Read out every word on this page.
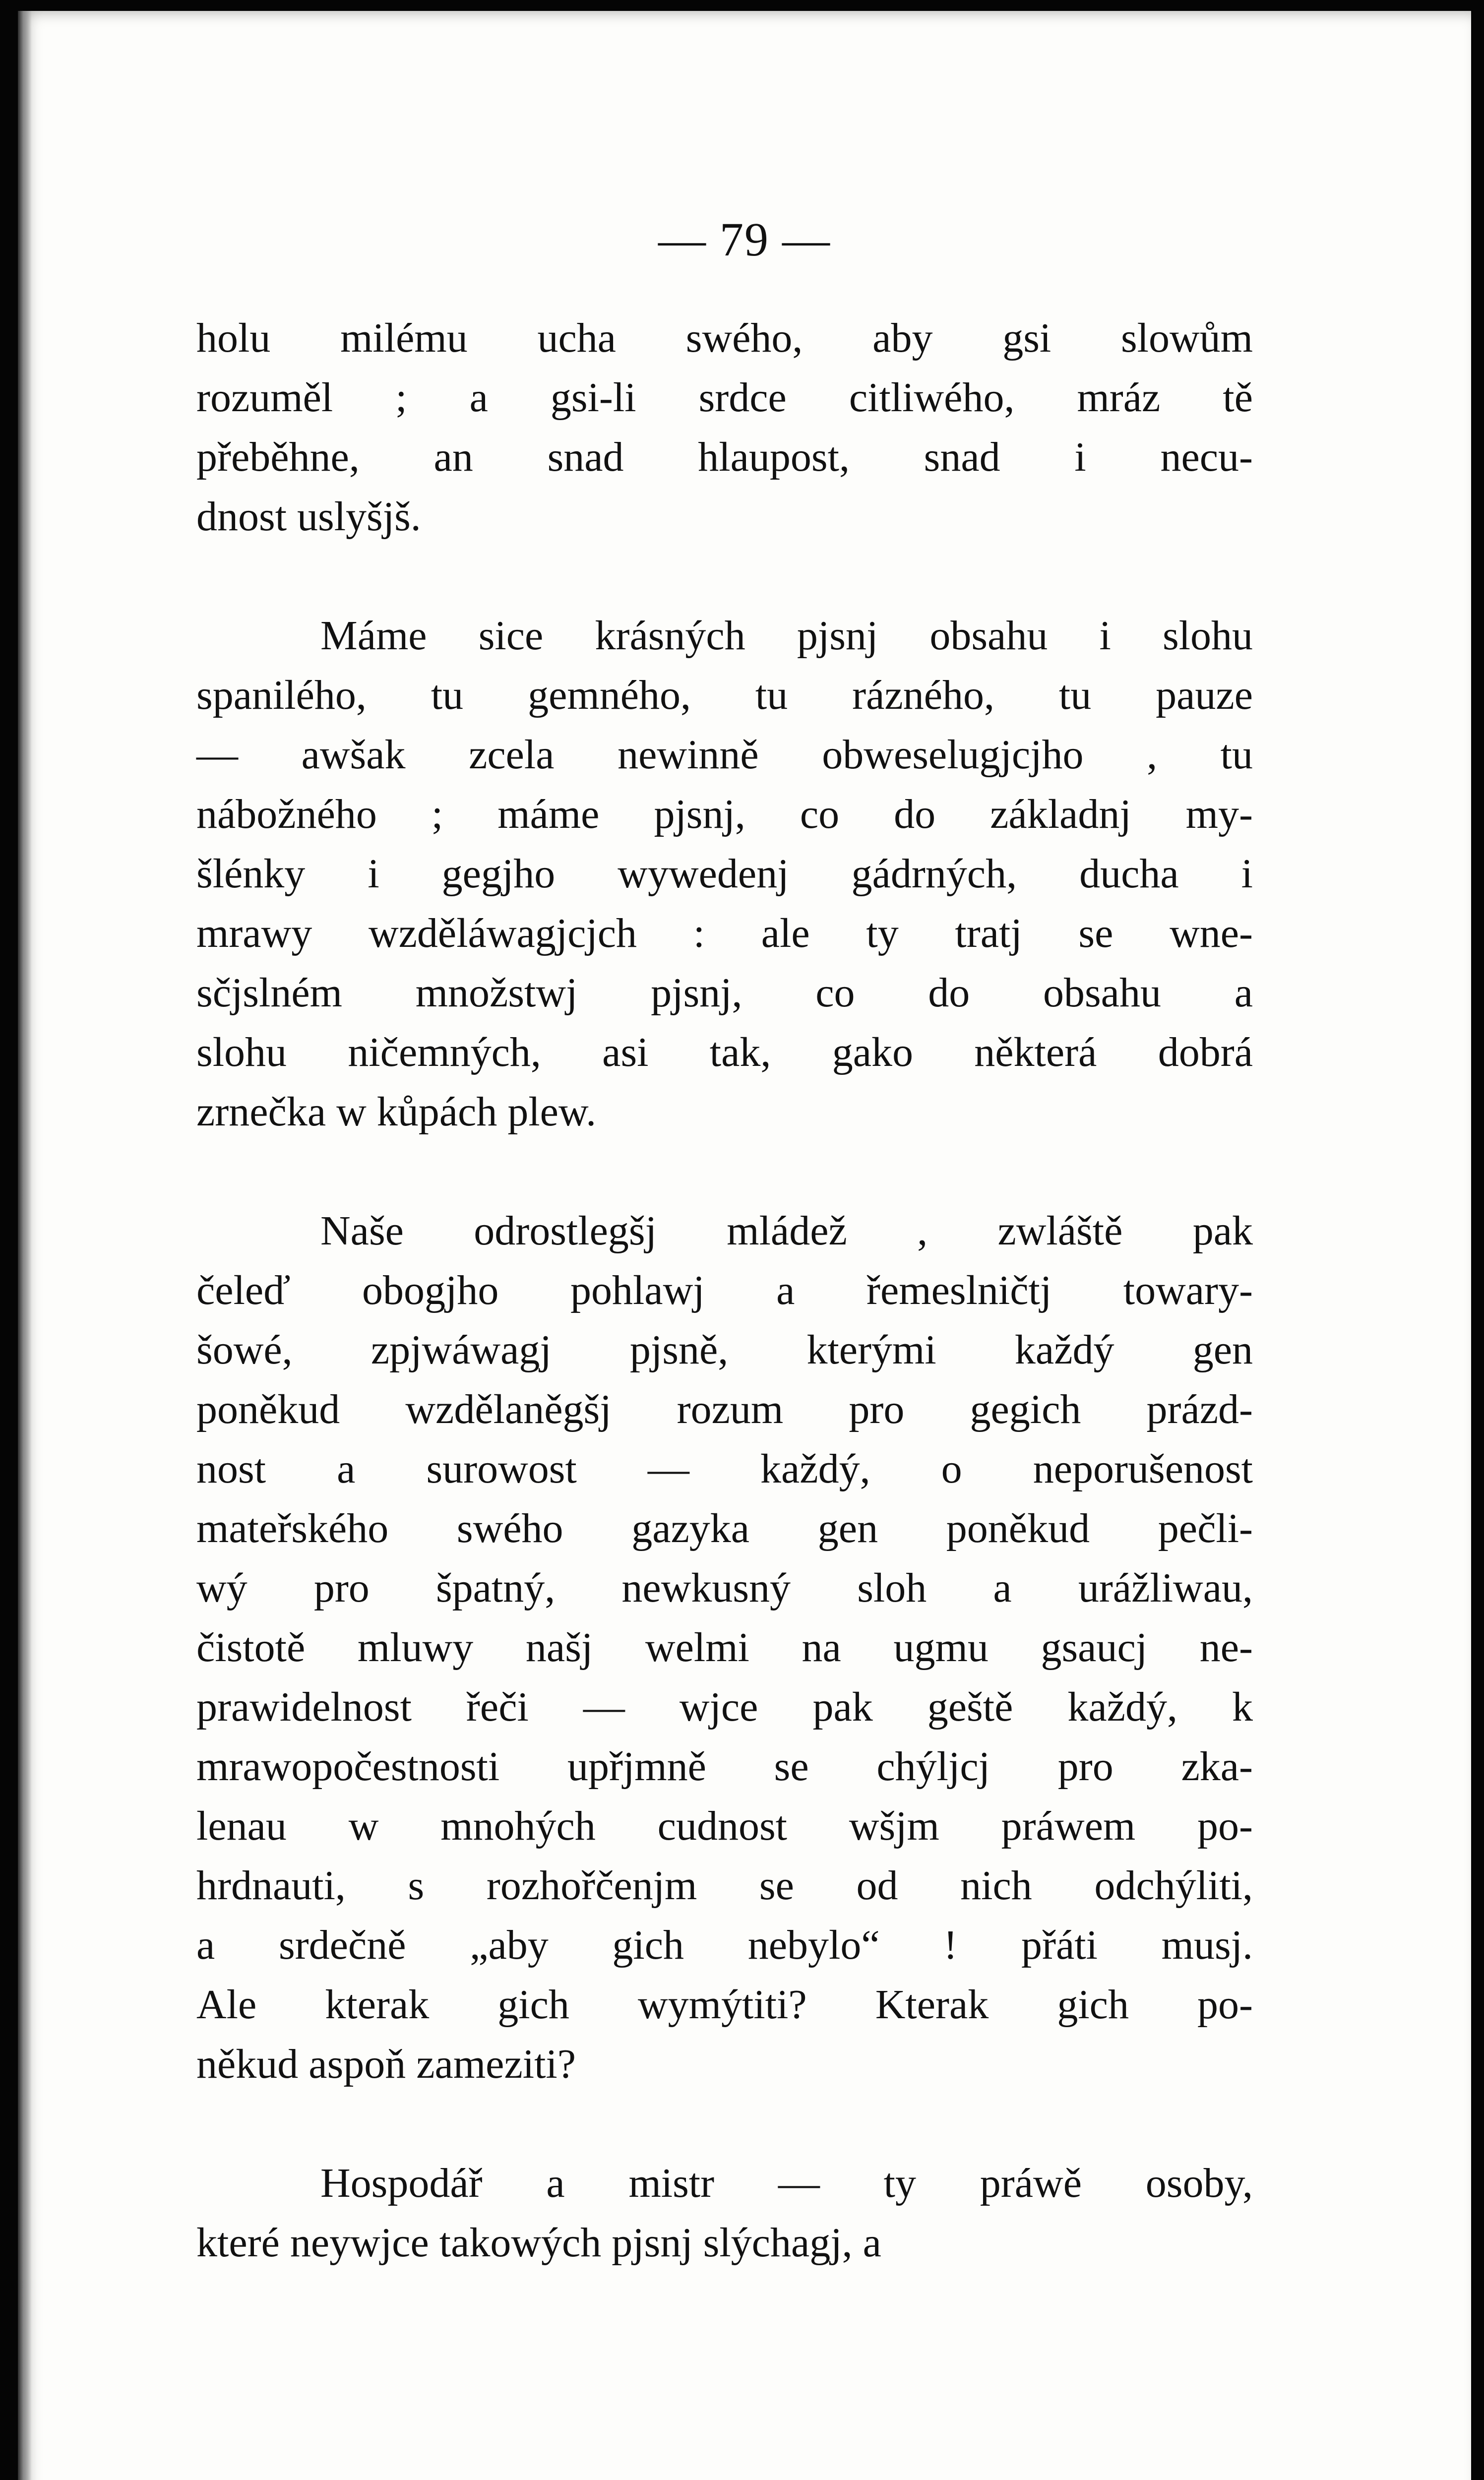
— 79 —
holu milému ucha swého, aby gsi slowům
rozuměl ; a gsi-li srdce citliwého, mráz tě
přeběhne, an snad hlaupost, snad i necu-
dnost uslyšjš.
Máme sice krásných pjsnj obsahu i slohu
spanilého, tu gemného, tu rázného, tu pauze
— awšak zcela newinně obweselugjcjho , tu
nábožného ; máme pjsnj, co do základnj my-
šlénky i gegjho wywedenj gádrných, ducha i
mrawy wzděláwagjcjch : ale ty tratj se wne-
sčjslném množstwj pjsnj, co do obsahu a
slohu ničemných, asi tak, gako některá dobrá
zrnečka w kůpách plew.
Naše odrostlegšj mládež , zwláště pak
čeleď obogjho pohlawj a řemeslničtj towary-
šowé, zpjwáwagj pjsně, kterými každý gen
poněkud wzdělaněgšj rozum pro gegich prázd-
nost a surowost — každý, o neporušenost
mateřského swého gazyka gen poněkud pečli-
wý pro špatný, newkusný sloh a urážliwau,
čistotě mluwy našj welmi na ugmu gsaucj ne-
prawidelnost řeči — wjce pak geště každý, k
mrawopočestnosti upřjmně se chýljcj pro zka-
lenau w mnohých cudnost wšjm práwem po-
hrdnauti, s rozhořčenjm se od nich odchýliti,
a srdečně „aby gich nebylo“ ! přáti musj.
Ale kterak gich wymýtiti? Kterak gich po-
někud aspoň zameziti?
Hospodář a mistr — ty práwě osoby,
které neywjce takowých pjsnj slýchagj, a
